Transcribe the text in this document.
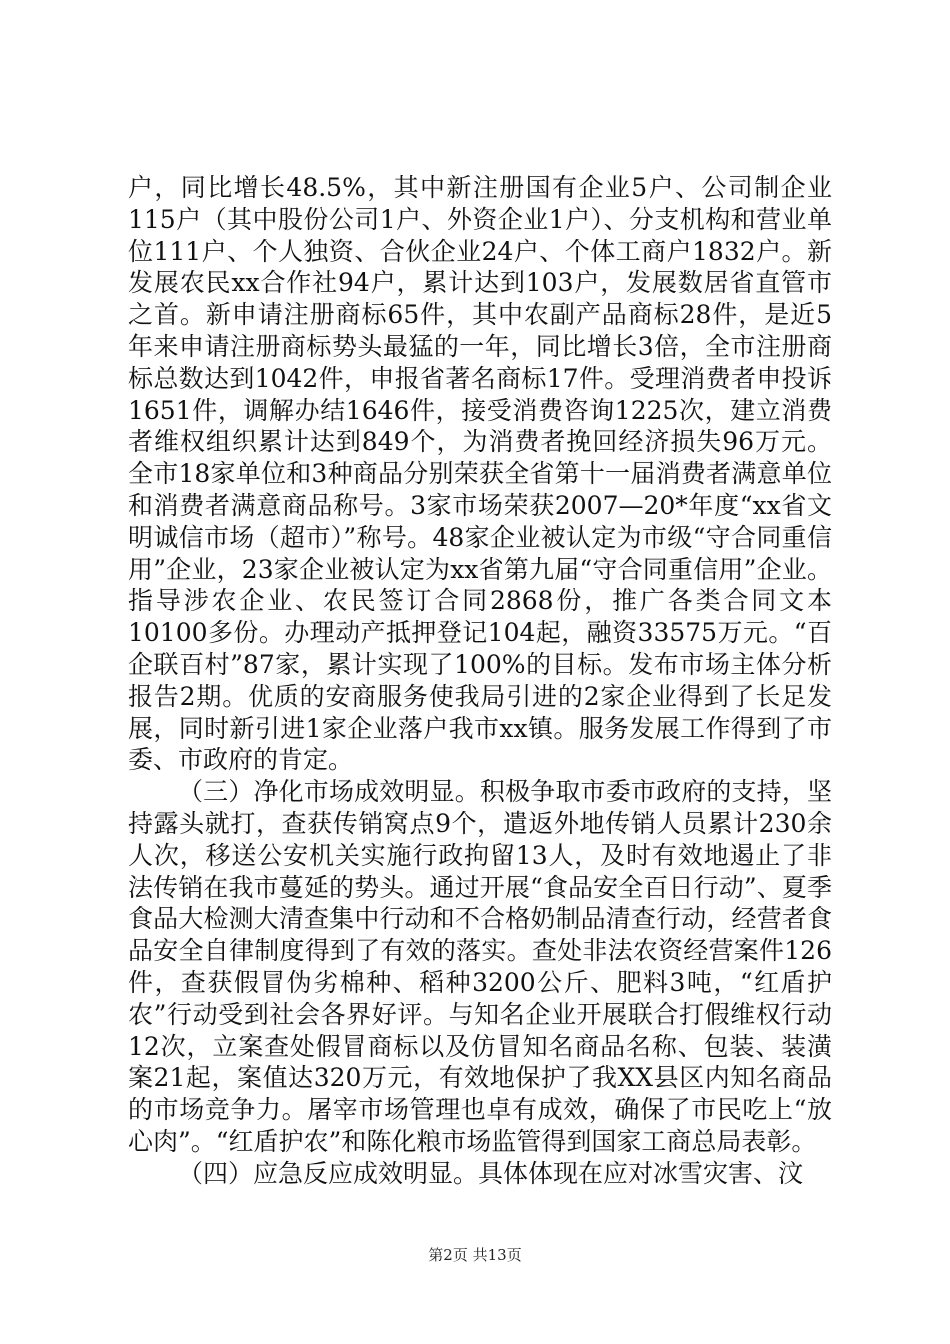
户，同比增长48.5%，其中新注册国有企业5户、公司制企业115户（其中股份公司1户、外资企业1户）、分支机构和营业单位111户、个人独资、合伙企业24户、个体工商户1832户。新发展农民xx合作社94户，累计达到103户，发展数居省直管市之首。新申请注册商标65件，其中农副产品商标28件，是近5年来申请注册商标势头最猛的一年，同比增长3倍，全市注册商标总数达到1042件，申报省著名商标17件。受理消费者申投诉1651件，调解办结1646件，接受消费咨询1225次，建立消费者维权组织累计达到849个，为消费者挽回经济损失96万元。全市18家单位和3种商品分别荣获全省第十一届消费者满意单位和消费者满意商品称号。3家市场荣获2007—20*年度“xx省文明诚信市场（超市）”称号。48家企业被认定为市级“守合同重信用”企业，23家企业被认定为xx省第九届“守合同重信用”企业。指导涉农企业、农民签订合同2868份，推广各类合同文本10100多份。办理动产抵押登记104起，融资33575万元。“百企联百村”87家，累计实现了100%的目标。发布市场主体分析报告2期。优质的安商服务使我局引进的2家企业得到了长足发展，同时新引进1家企业落户我市xx镇。服务发展工作得到了市委、市政府的肯定。

（三）净化市场成效明显。积极争取市委市政府的支持，坚持露头就打，查获传销窝点9个，遣返外地传销人员累计230余人次，移送公安机关实施行政拘留13人，及时有效地遏止了非法传销在我市蔓延的势头。通过开展“食品安全百日行动”、夏季食品大检测大清查集中行动和不合格奶制品清查行动，经营者食品安全自律制度得到了有效的落实。查处非法农资经营案件126件，查获假冒伪劣棉种、稻种3200公斤、肥料3吨，“红盾护农”行动受到社会各界好评。与知名企业开展联合打假维权行动12次，立案查处假冒商标以及仿冒知名商品名称、包装、装潢案21起，案值达320万元，有效地保护了我XX县区内知名商品的市场竞争力。屠宰市场管理也卓有成效，确保了市民吃上“放心肉”。“红盾护农”和陈化粮市场监管得到国家工商总局表彰。

（四）应急反应成效明显。具体体现在应对冰雪灾害、汶

第2页 共13页
